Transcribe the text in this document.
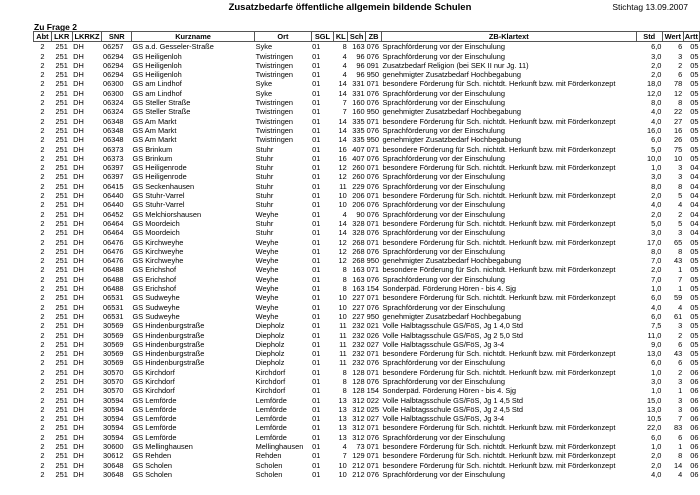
Zusatzbedarfe öffentliche allgemein bildende Schulen	Stichtag 13.09.2007
Zu Frage 2
Abt	LKR	LKRKZ	SNR	Kurzname	Ort	SGL	KL	Sch	ZB	ZB-Klartext	Std	Wert	Artt
2	251	DH	06257	GS a.d. Gesseler-Straße	Syke	01	8	163	076	Sprachförderung vor der Einschulung	6,0	6	05
2	251	DH	06294	GS Heiligenloh	Twistringen	01	4	96	076	Sprachförderung vor der Einschulung	3,0	3	05
2	251	DH	06294	GS Heiligenloh	Twistringen	01	4	96	091	Zusatzbedarf Religion (bei SEK II nur Jg. 11)	2,0	2	05
2	251	DH	06294	GS Heiligenloh	Twistringen	01	4	96	950	genehmigter Zusatzbedarf Hochbegabung	2,0	6	05
2	251	DH	06300	GS am Lindhof	Syke	01	14	331	071	besondere Förderung für Sch. nichtdt. Herkunft bzw. mit Förderkonzept	18,0	78	05
2	251	DH	06300	GS am Lindhof	Syke	01	14	331	076	Sprachförderung vor der Einschulung	12,0	12	05
2	251	DH	06324	GS Steller Straße	Twistringen	01	7	160	076	Sprachförderung vor der Einschulung	8,0	8	05
2	251	DH	06324	GS Steller Straße	Twistringen	01	7	160	950	genehmigter Zusatzbedarf Hochbegabung	4,0	22	05
2	251	DH	06348	GS Am Markt	Twistringen	01	14	335	071	besondere Förderung für Sch. nichtdt. Herkunft bzw. mit Förderkonzept	4,0	27	05
2	251	DH	06348	GS Am Markt	Twistringen	01	14	335	076	Sprachförderung vor der Einschulung	16,0	16	05
2	251	DH	06348	GS Am Markt	Twistringen	01	14	335	950	genehmigter Zusatzbedarf Hochbegabung	6,0	26	05
2	251	DH	06373	GS Brinkum	Stuhr	01	16	407	071	besondere Förderung für Sch. nichtdt. Herkunft bzw. mit Förderkonzept	5,0	75	05
2	251	DH	06373	GS Brinkum	Stuhr	01	16	407	076	Sprachförderung vor der Einschulung	10,0	10	05
2	251	DH	06397	GS Heiligenrode	Stuhr	01	12	260	071	besondere Förderung für Sch. nichtdt. Herkunft bzw. mit Förderkonzept	1,0	3	04
2	251	DH	06397	GS Heiligenrode	Stuhr	01	12	260	076	Sprachförderung vor der Einschulung	3,0	3	04
2	251	DH	06415	GS Seckenhausen	Stuhr	01	11	229	076	Sprachförderung vor der Einschulung	8,0	8	04
2	251	DH	06440	GS Stuhr-Varrel	Stuhr	01	10	206	071	besondere Förderung für Sch. nichtdt. Herkunft bzw. mit Förderkonzept	2,0	5	04
2	251	DH	06440	GS Stuhr-Varrel	Stuhr	01	10	206	076	Sprachförderung vor der Einschulung	4,0	4	04
2	251	DH	06452	GS Melchiorshausen	Weyhe	01	4	90	076	Sprachförderung vor der Einschulung	2,0	2	04
2	251	DH	06464	GS Moordeich	Stuhr	01	14	328	071	besondere Förderung für Sch. nichtdt. Herkunft bzw. mit Förderkonzept	5,0	5	04
2	251	DH	06464	GS Moordeich	Stuhr	01	14	328	076	Sprachförderung vor der Einschulung	3,0	3	04
2	251	DH	06476	GS Kirchweyhe	Weyhe	01	12	268	071	besondere Förderung für Sch. nichtdt. Herkunft bzw. mit Förderkonzept	17,0	65	05
2	251	DH	06476	GS Kirchweyhe	Weyhe	01	12	268	076	Sprachförderung vor der Einschulung	8,0	8	05
2	251	DH	06476	GS Kirchweyhe	Weyhe	01	12	268	950	genehmigter Zusatzbedarf Hochbegabung	7,0	43	05
2	251	DH	06488	GS Erichshof	Weyhe	01	8	163	071	besondere Förderung für Sch. nichtdt. Herkunft bzw. mit Förderkonzept	2,0	1	05
2	251	DH	06488	GS Erichshof	Weyhe	01	8	163	076	Sprachförderung vor der Einschulung	7,0	7	05
2	251	DH	06488	GS Erichshof	Weyhe	01	8	163	154	Sonderpäd. Förderung Hören - bis 4. Sjg	1,0	1	05
2	251	DH	06531	GS Sudweyhe	Weyhe	01	10	227	071	besondere Förderung für Sch. nichtdt. Herkunft bzw. mit Förderkonzept	6,0	59	05
2	251	DH	06531	GS Sudweyhe	Weyhe	01	10	227	076	Sprachförderung vor der Einschulung	4,0	4	05
2	251	DH	06531	GS Sudweyhe	Weyhe	01	10	227	950	genehmigter Zusatzbedarf Hochbegabung	6,0	61	05
2	251	DH	30569	GS Hindenburgstraße	Diepholz	01	11	232	021	Volle Halbtagsschule GS/FöS, Jg 1 4,0 Std	7,5	3	05
2	251	DH	30569	GS Hindenburgstraße	Diepholz	01	11	232	026	Volle Halbtagsschule GS/FöS, Jg 2 5,0 Std	11,0	2	05
2	251	DH	30569	GS Hindenburgstraße	Diepholz	01	11	232	027	Volle Halbtagsschule GS/FöS, Jg 3-4	9,0	6	05
2	251	DH	30569	GS Hindenburgstraße	Diepholz	01	11	232	071	besondere Förderung für Sch. nichtdt. Herkunft bzw. mit Förderkonzept	13,0	43	05
2	251	DH	30569	GS Hindenburgstraße	Diepholz	01	11	232	076	Sprachförderung vor der Einschulung	6,0	6	05
2	251	DH	30570	GS Kirchdorf	Kirchdorf	01	8	128	071	besondere Förderung für Sch. nichtdt. Herkunft bzw. mit Förderkonzept	1,0	2	06
2	251	DH	30570	GS Kirchdorf	Kirchdorf	01	8	128	076	Sprachförderung vor der Einschulung	3,0	3	06
2	251	DH	30570	GS Kirchdorf	Kirchdorf	01	8	128	154	Sonderpäd. Förderung Hören - bis 4. Sjg	1,0	1	06
2	251	DH	30594	GS Lemförde	Lemförde	01	13	312	022	Volle Halbtagsschule GS/FöS, Jg 1 4,5 Std	15,0	3	06
2	251	DH	30594	GS Lemförde	Lemförde	01	13	312	025	Volle Halbtagsschule GS/FöS, Jg 2 4,5 Std	13,0	3	06
2	251	DH	30594	GS Lemförde	Lemförde	01	13	312	027	Volle Halbtagsschule GS/FöS, Jg 3-4	10,5	7	06
2	251	DH	30594	GS Lemförde	Lemförde	01	13	312	071	besondere Förderung für Sch. nichtdt. Herkunft bzw. mit Förderkonzept	22,0	83	06
2	251	DH	30594	GS Lemförde	Lemförde	01	13	312	076	Sprachförderung vor der Einschulung	6,0	6	06
2	251	DH	30600	GS Mellinghausen	Mellinghausen	01	4	73	071	besondere Förderung für Sch. nichtdt. Herkunft bzw. mit Förderkonzept	1,0	1	06
2	251	DH	30612	GS Rehden	Rehden	01	7	129	071	besondere Förderung für Sch. nichtdt. Herkunft bzw. mit Förderkonzept	2,0	8	06
2	251	DH	30648	GS Scholen	Scholen	01	10	212	071	besondere Förderung für Sch. nichtdt. Herkunft bzw. mit Förderkonzept	2,0	14	06
2	251	DH	30648	GS Scholen	Scholen	01	10	212	076	Sprachförderung vor der Einschulung	4,0	4	06
